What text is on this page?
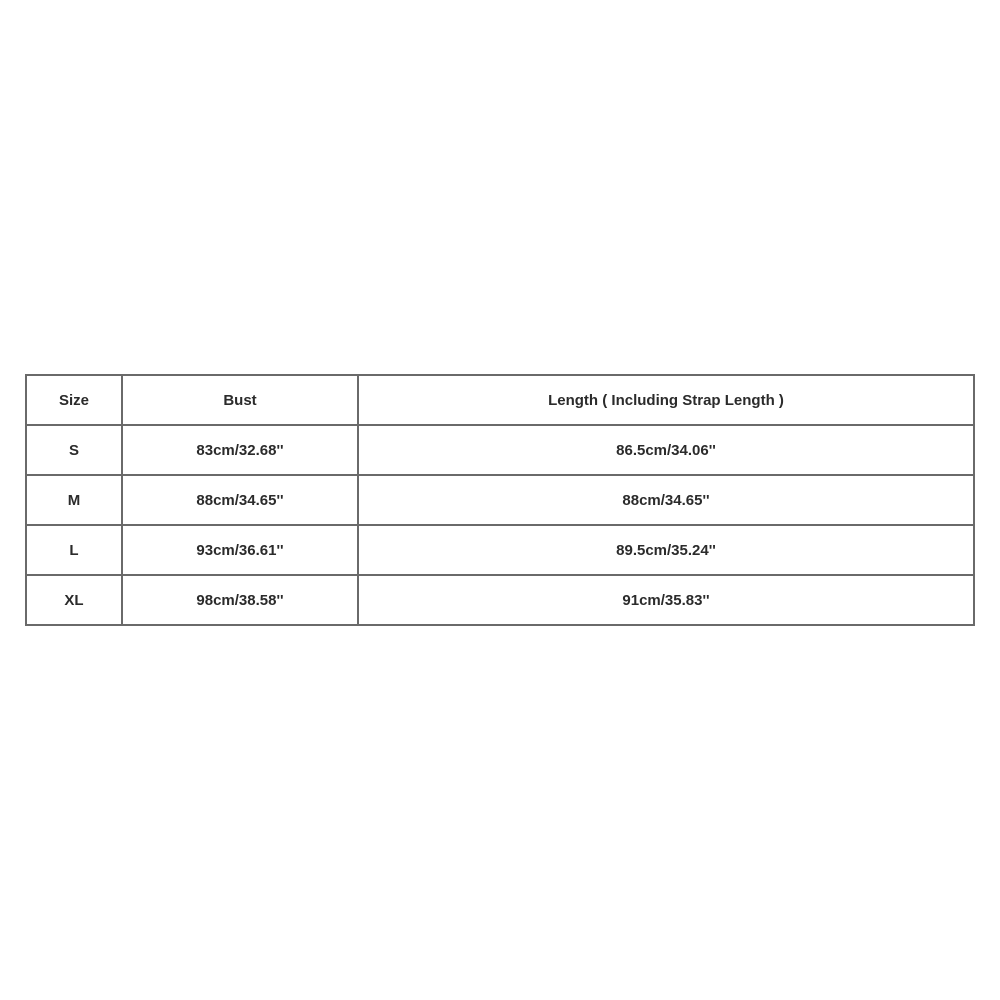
Size	Bust	Length ( Including Strap Length )
S	83cm/32.68''	86.5cm/34.06''
M	88cm/34.65''	88cm/34.65''
L	93cm/36.61''	89.5cm/35.24''
XL	98cm/38.58''	91cm/35.83''
